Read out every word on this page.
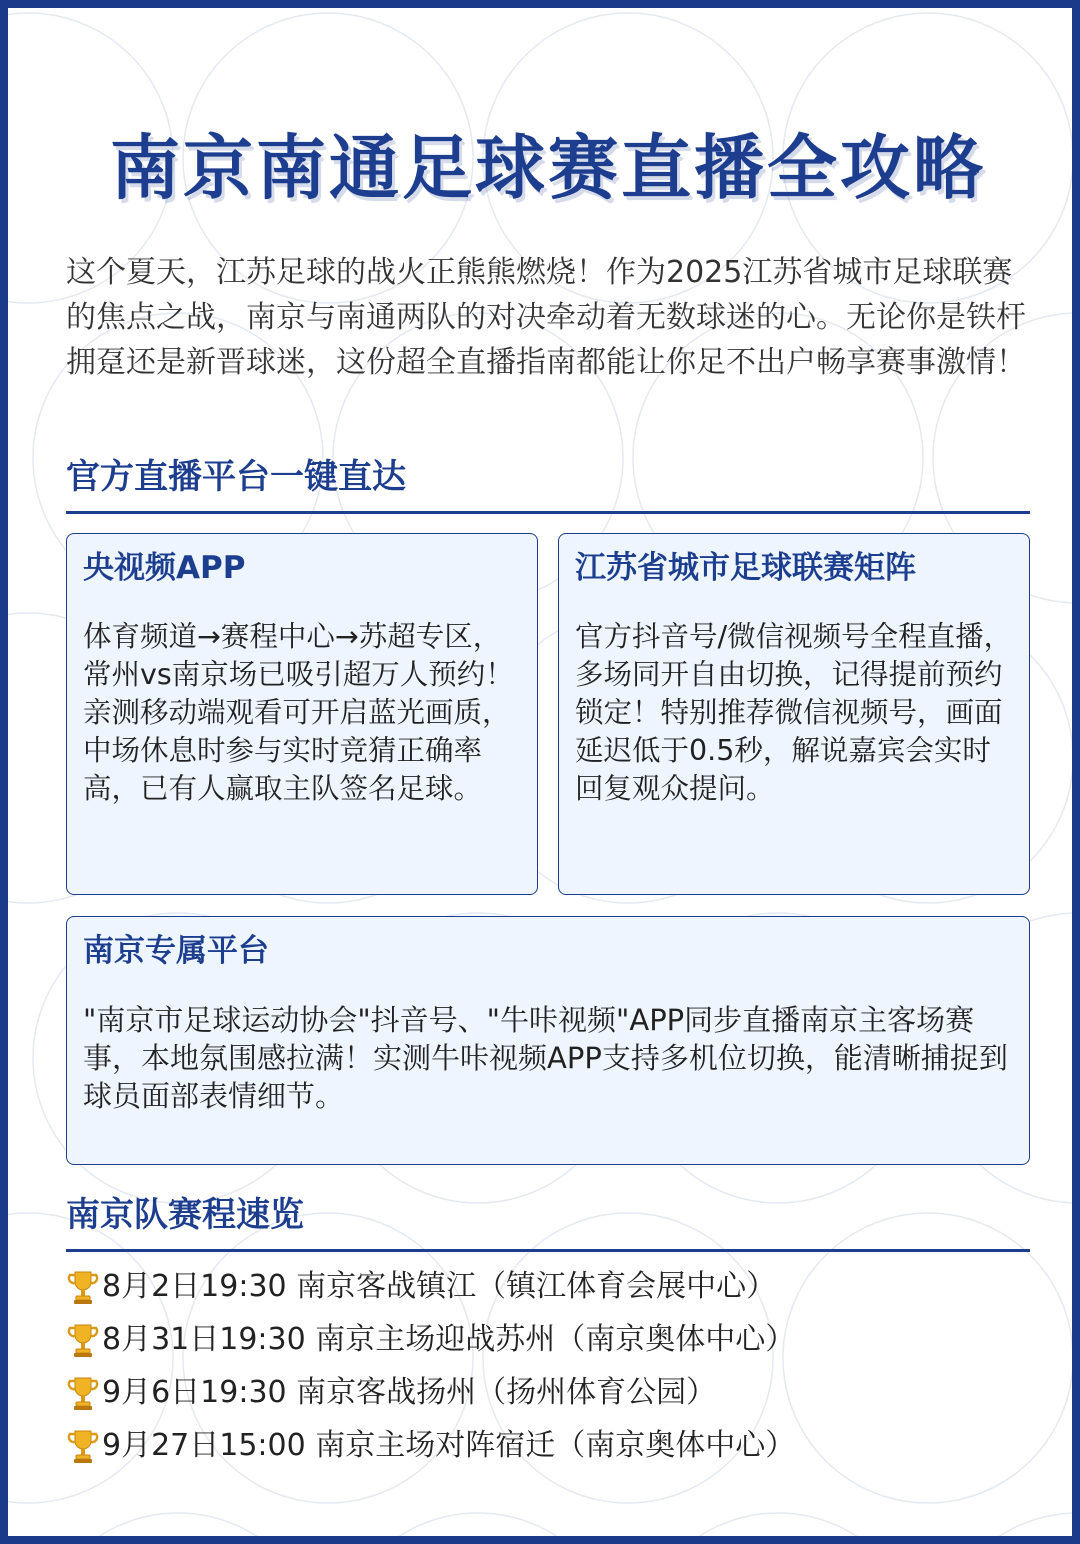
南京南通足球赛直播全攻略

这个夏天，江苏足球的战火正熊熊燃烧！作为2025江苏省城市足球联赛的焦点之战，南京与南通两队的对决牵动着无数球迷的心。无论你是铁杆拥趸还是新晋球迷，这份超全直播指南都能让你足不出户畅享赛事激情！

官方直播平台一键直达
央视频APP
体育频道→赛程中心→苏超专区，常州vs南京场已吸引超万人预约！亲测移动端观看可开启蓝光画质，中场休息时参与实时竞猜正确率高，已有人赢取主队签名足球。
江苏省城市足球联赛矩阵
官方抖音号/微信视频号全程直播，多场同开自由切换，记得提前预约锁定！特别推荐微信视频号，画面延迟低于0.5秒，解说嘉宾会实时回复观众提问。
南京专属平台
"南京市足球运动协会"抖音号、"牛咔视频"APP同步直播南京主客场赛事，本地氛围感拉满！实测牛咔视频APP支持多机位切换，能清晰捕捉到球员面部表情细节。
南京队赛程速览
8月2日19:30 南京客战镇江（镇江体育会展中心）
8月31日19:30 南京主场迎战苏州（南京奥体中心）
9月6日19:30 南京客战扬州（扬州体育公园）
9月27日15:00 南京主场对阵宿迁（南京奥体中心）
